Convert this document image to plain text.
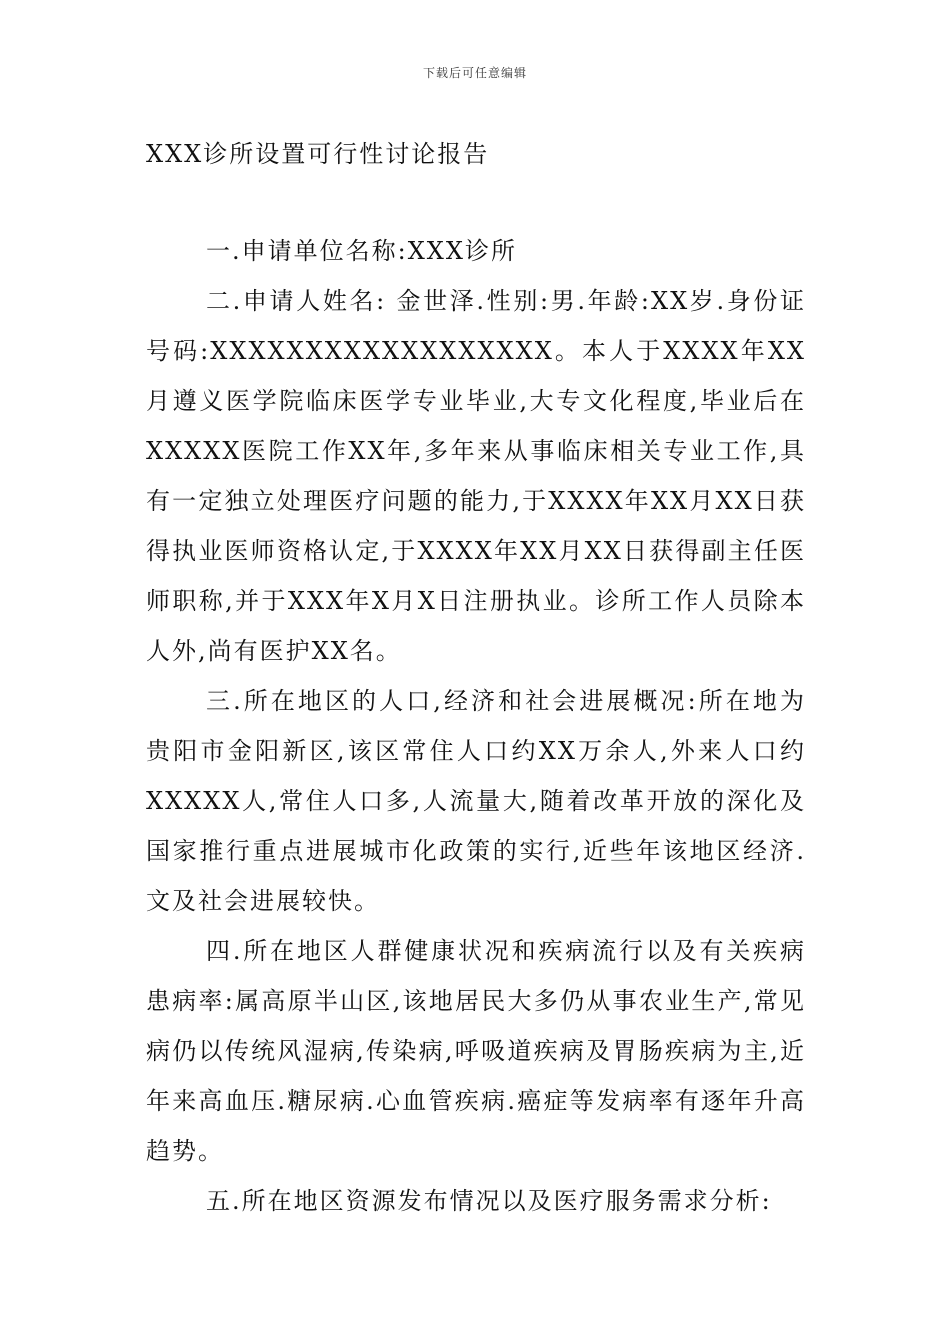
下载后可任意编辑
XXX诊所设置可行性讨论报告

一.申请单位名称:XXX诊所

二.申请人姓名: 金世泽.性别:男.年龄:XX岁.身份证号码:XXXXXXXXXXXXXXXXXX。本人于XXXX年XX月遵义医学院临床医学专业毕业,大专文化程度,毕业后在XXXXX医院工作XX年,多年来从事临床相关专业工作,具有一定独立处理医疗问题的能力,于XXXX年XX月XX日获得执业医师资格认定,于XXXX年XX月XX日获得副主任医师职称,并于XXX年X月X日注册执业。诊所工作人员除本人外,尚有医护XX名。

三.所在地区的人口,经济和社会进展概况:所在地为贵阳市金阳新区,该区常住人口约XX万余人,外来人口约XXXXX人,常住人口多,人流量大,随着改革开放的深化及国家推行重点进展城市化政策的实行,近些年该地区经济.文及社会进展较快。

四.所在地区人群健康状况和疾病流行以及有关疾病患病率:属高原半山区,该地居民大多仍从事农业生产,常见病仍以传统风湿病,传染病,呼吸道疾病及胃肠疾病为主,近年来高血压.糖尿病.心血管疾病.癌症等发病率有逐年升高趋势。

五.所在地区资源发布情况以及医疗服务需求分析:
